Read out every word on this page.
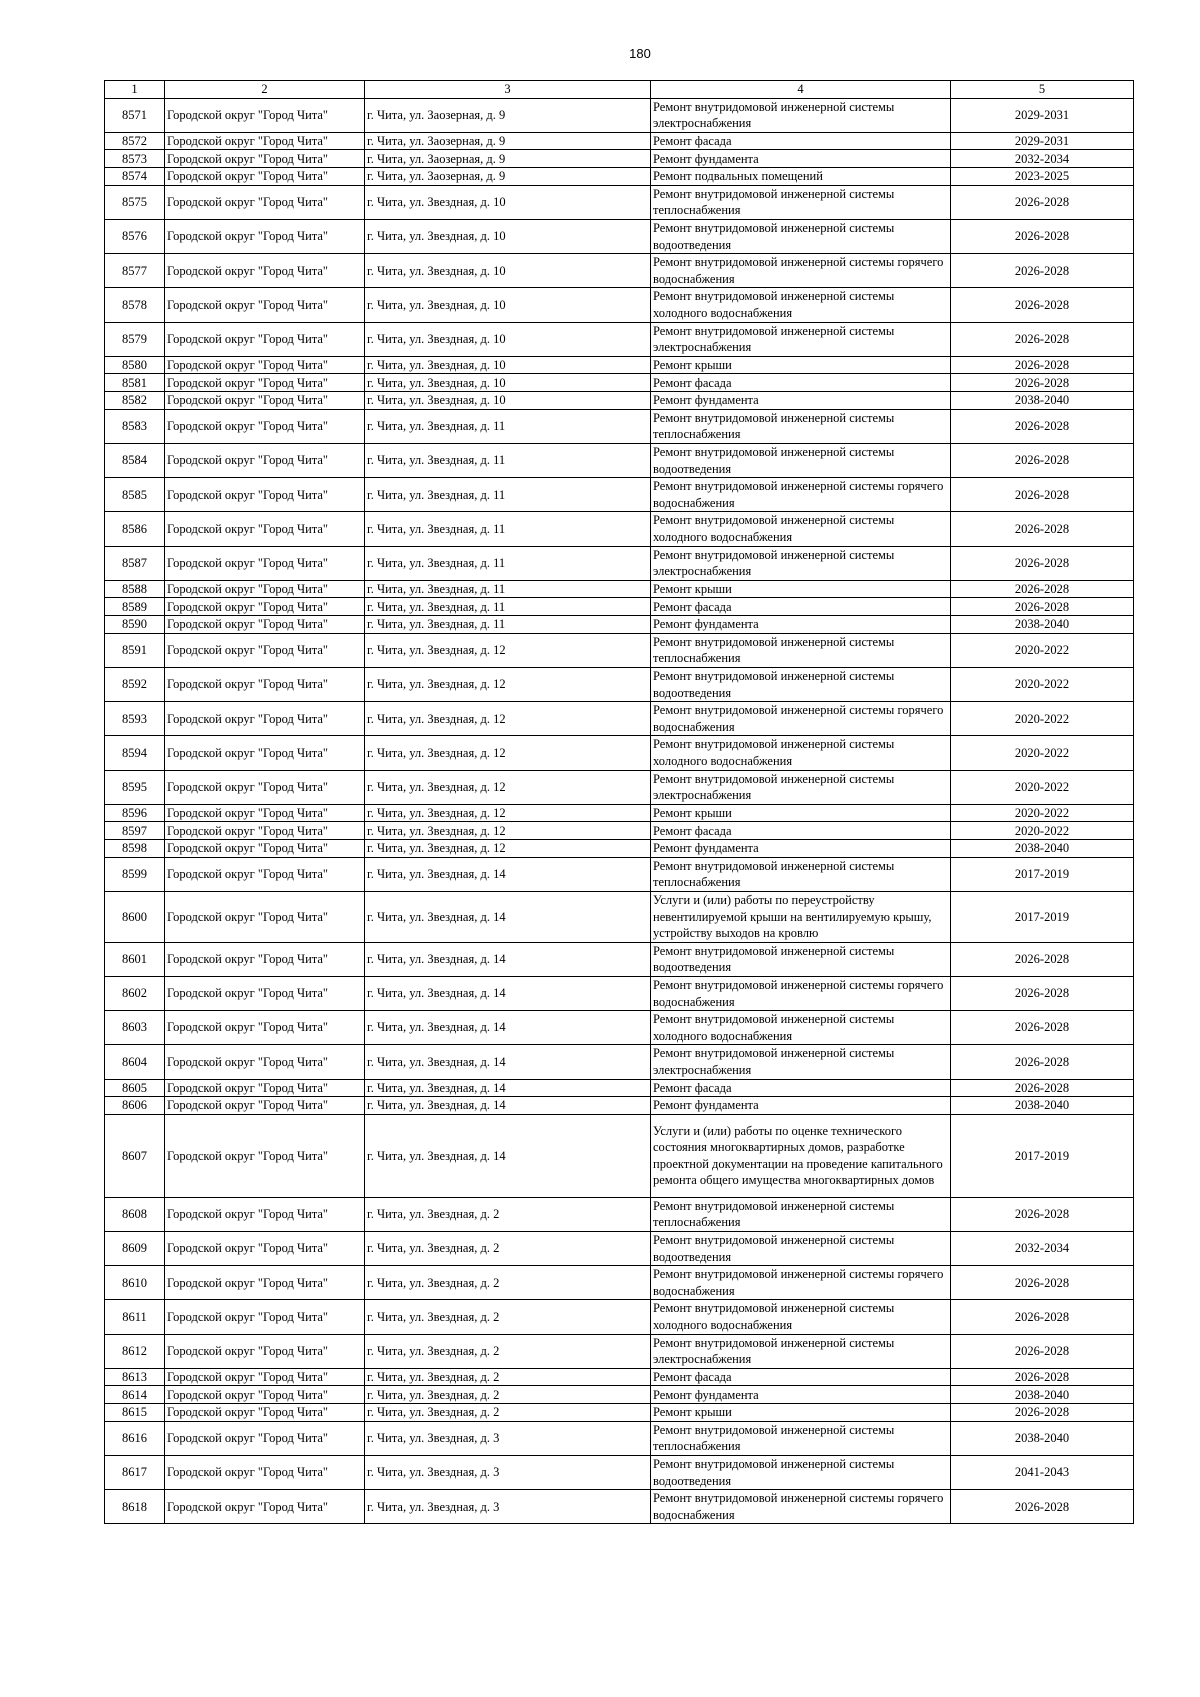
180
1	2	3	4	5
8571	Городской округ "Город Чита"	г. Чита, ул. Заозерная, д. 9	Ремонт внутридомовой инженерной системы электроснабжения	2029-2031
8572	Городской округ "Город Чита"	г. Чита, ул. Заозерная, д. 9	Ремонт фасада	2029-2031
8573	Городской округ "Город Чита"	г. Чита, ул. Заозерная, д. 9	Ремонт фундамента	2032-2034
8574	Городской округ "Город Чита"	г. Чита, ул. Заозерная, д. 9	Ремонт подвальных помещений	2023-2025
8575	Городской округ "Город Чита"	г. Чита, ул. Звездная, д. 10	Ремонт внутридомовой инженерной системы теплоснабжения	2026-2028
8576	Городской округ "Город Чита"	г. Чита, ул. Звездная, д. 10	Ремонт внутридомовой инженерной системы водоотведения	2026-2028
8577	Городской округ "Город Чита"	г. Чита, ул. Звездная, д. 10	Ремонт внутридомовой инженерной системы горячего водоснабжения	2026-2028
8578	Городской округ "Город Чита"	г. Чита, ул. Звездная, д. 10	Ремонт внутридомовой инженерной системы холодного водоснабжения	2026-2028
8579	Городской округ "Город Чита"	г. Чита, ул. Звездная, д. 10	Ремонт внутридомовой инженерной системы электроснабжения	2026-2028
8580	Городской округ "Город Чита"	г. Чита, ул. Звездная, д. 10	Ремонт крыши	2026-2028
8581	Городской округ "Город Чита"	г. Чита, ул. Звездная, д. 10	Ремонт фасада	2026-2028
8582	Городской округ "Город Чита"	г. Чита, ул. Звездная, д. 10	Ремонт фундамента	2038-2040
8583	Городской округ "Город Чита"	г. Чита, ул. Звездная, д. 11	Ремонт внутридомовой инженерной системы теплоснабжения	2026-2028
8584	Городской округ "Город Чита"	г. Чита, ул. Звездная, д. 11	Ремонт внутридомовой инженерной системы водоотведения	2026-2028
8585	Городской округ "Город Чита"	г. Чита, ул. Звездная, д. 11	Ремонт внутридомовой инженерной системы горячего водоснабжения	2026-2028
8586	Городской округ "Город Чита"	г. Чита, ул. Звездная, д. 11	Ремонт внутридомовой инженерной системы холодного водоснабжения	2026-2028
8587	Городской округ "Город Чита"	г. Чита, ул. Звездная, д. 11	Ремонт внутридомовой инженерной системы электроснабжения	2026-2028
8588	Городской округ "Город Чита"	г. Чита, ул. Звездная, д. 11	Ремонт крыши	2026-2028
8589	Городской округ "Город Чита"	г. Чита, ул. Звездная, д. 11	Ремонт фасада	2026-2028
8590	Городской округ "Город Чита"	г. Чита, ул. Звездная, д. 11	Ремонт фундамента	2038-2040
8591	Городской округ "Город Чита"	г. Чита, ул. Звездная, д. 12	Ремонт внутридомовой инженерной системы теплоснабжения	2020-2022
8592	Городской округ "Город Чита"	г. Чита, ул. Звездная, д. 12	Ремонт внутридомовой инженерной системы водоотведения	2020-2022
8593	Городской округ "Город Чита"	г. Чита, ул. Звездная, д. 12	Ремонт внутридомовой инженерной системы горячего водоснабжения	2020-2022
8594	Городской округ "Город Чита"	г. Чита, ул. Звездная, д. 12	Ремонт внутридомовой инженерной системы холодного водоснабжения	2020-2022
8595	Городской округ "Город Чита"	г. Чита, ул. Звездная, д. 12	Ремонт внутридомовой инженерной системы электроснабжения	2020-2022
8596	Городской округ "Город Чита"	г. Чита, ул. Звездная, д. 12	Ремонт крыши	2020-2022
8597	Городской округ "Город Чита"	г. Чита, ул. Звездная, д. 12	Ремонт фасада	2020-2022
8598	Городской округ "Город Чита"	г. Чита, ул. Звездная, д. 12	Ремонт фундамента	2038-2040
8599	Городской округ "Город Чита"	г. Чита, ул. Звездная, д. 14	Ремонт внутридомовой инженерной системы теплоснабжения	2017-2019
8600	Городской округ "Город Чита"	г. Чита, ул. Звездная, д. 14	Услуги и (или) работы по переустройству невентилируемой крыши на вентилируемую крышу, устройству выходов на кровлю	2017-2019
8601	Городской округ "Город Чита"	г. Чита, ул. Звездная, д. 14	Ремонт внутридомовой инженерной системы водоотведения	2026-2028
8602	Городской округ "Город Чита"	г. Чита, ул. Звездная, д. 14	Ремонт внутридомовой инженерной системы горячего водоснабжения	2026-2028
8603	Городской округ "Город Чита"	г. Чита, ул. Звездная, д. 14	Ремонт внутридомовой инженерной системы холодного водоснабжения	2026-2028
8604	Городской округ "Город Чита"	г. Чита, ул. Звездная, д. 14	Ремонт внутридомовой инженерной системы электроснабжения	2026-2028
8605	Городской округ "Город Чита"	г. Чита, ул. Звездная, д. 14	Ремонт фасада	2026-2028
8606	Городской округ "Город Чита"	г. Чита, ул. Звездная, д. 14	Ремонт фундамента	2038-2040
8607	Городской округ "Город Чита"	г. Чита, ул. Звездная, д. 14	Услуги и (или) работы по оценке технического состояния многоквартирных домов, разработке проектной документации на проведение капитального ремонта общего имущества многоквартирных домов	2017-2019
8608	Городской округ "Город Чита"	г. Чита, ул. Звездная, д. 2	Ремонт внутридомовой инженерной системы теплоснабжения	2026-2028
8609	Городской округ "Город Чита"	г. Чита, ул. Звездная, д. 2	Ремонт внутридомовой инженерной системы водоотведения	2032-2034
8610	Городской округ "Город Чита"	г. Чита, ул. Звездная, д. 2	Ремонт внутридомовой инженерной системы горячего водоснабжения	2026-2028
8611	Городской округ "Город Чита"	г. Чита, ул. Звездная, д. 2	Ремонт внутридомовой инженерной системы холодного водоснабжения	2026-2028
8612	Городской округ "Город Чита"	г. Чита, ул. Звездная, д. 2	Ремонт внутридомовой инженерной системы электроснабжения	2026-2028
8613	Городской округ "Город Чита"	г. Чита, ул. Звездная, д. 2	Ремонт фасада	2026-2028
8614	Городской округ "Город Чита"	г. Чита, ул. Звездная, д. 2	Ремонт фундамента	2038-2040
8615	Городской округ "Город Чита"	г. Чита, ул. Звездная, д. 2	Ремонт крыши	2026-2028
8616	Городской округ "Город Чита"	г. Чита, ул. Звездная, д. 3	Ремонт внутридомовой инженерной системы теплоснабжения	2038-2040
8617	Городской округ "Город Чита"	г. Чита, ул. Звездная, д. 3	Ремонт внутридомовой инженерной системы водоотведения	2041-2043
8618	Городской округ "Город Чита"	г. Чита, ул. Звездная, д. 3	Ремонт внутридомовой инженерной системы горячего водоснабжения	2026-2028
